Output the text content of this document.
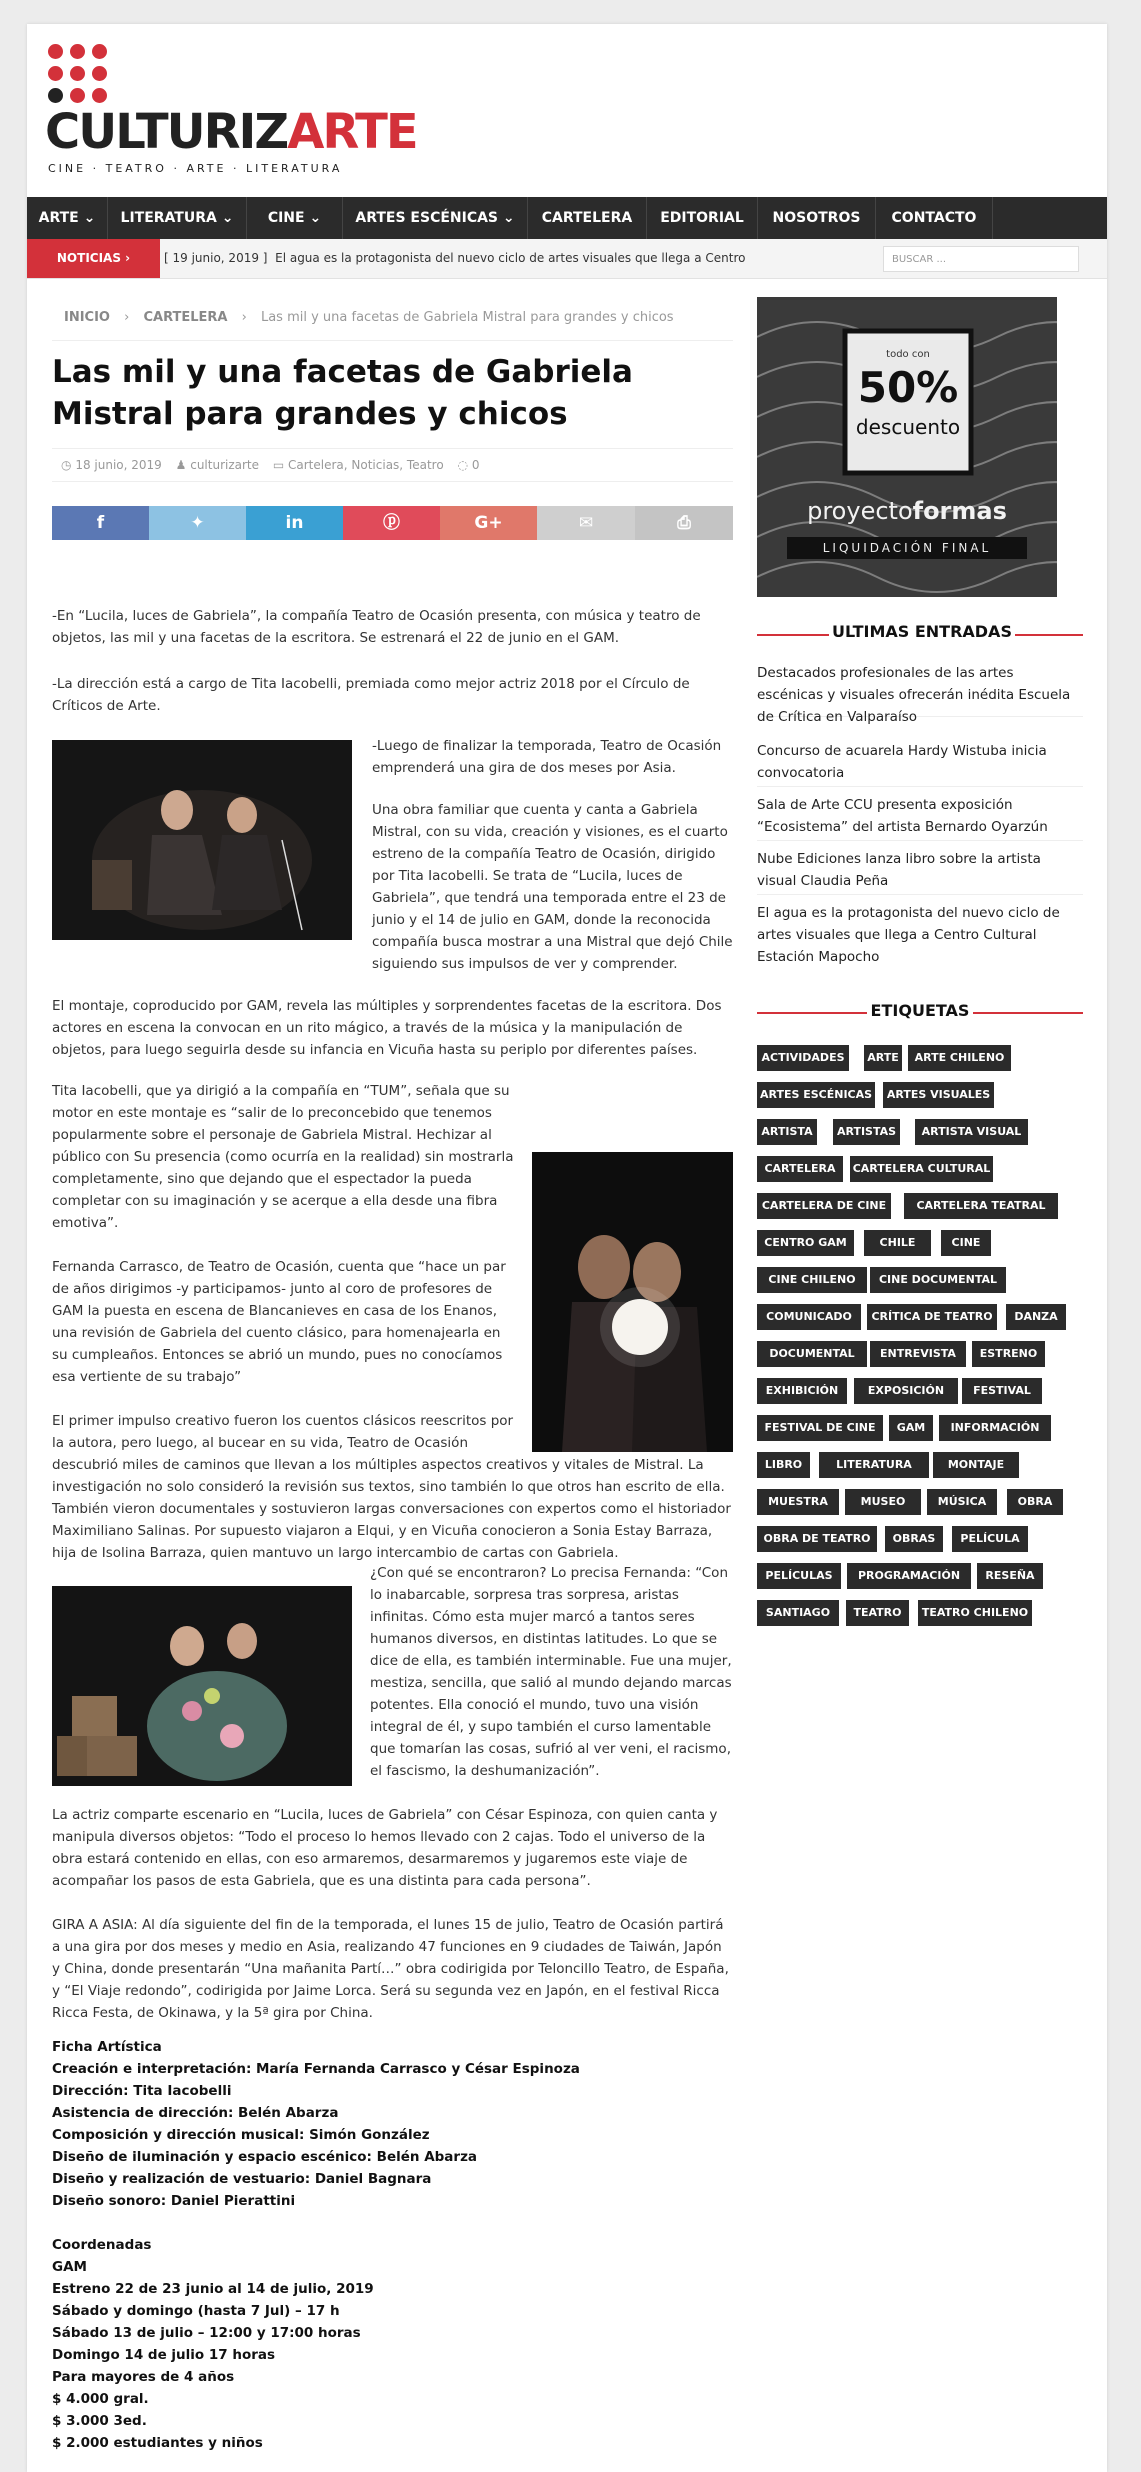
CULTURIZARTE
CINE · TEATRO · ARTE · LITERATURA
ARTE ⌄	LITERATURA ⌄	CINE ⌄	ARTES ESCÉNICAS ⌄	CARTELERA	EDITORIAL	NOSOTROS	CONTACTO
NOTICIAS ›	[ 19 junio, 2019 ] El agua es la protagonista del nuevo ciclo de artes visuales que llega a Centro	BUSCAR ...
INICIO › CARTELERA › Las mil y una facetas de Gabriela Mistral para grandes y chicos
Las mil y una facetas de Gabriela Mistral para grandes y chicos
◷ 18 junio, 2019 ♟ culturizarte ▭ Cartelera, Noticias, Teatro ◌ 0
f	✦	in	ⓟ	G+	✉	⎙
-En “Lucila, luces de Gabriela”, la compañía Teatro de Ocasión presenta, con música y teatro de objetos, las mil y una facetas de la escritora. Se estrenará el 22 de junio en el GAM.
-La dirección está a cargo de Tita Iacobelli, premiada como mejor actriz 2018 por el Círculo de Críticos de Arte.
-Luego de finalizar la temporada, Teatro de Ocasión emprenderá una gira de dos meses por Asia.
Una obra familiar que cuenta y canta a Gabriela Mistral, con su vida, creación y visiones, es el cuarto estreno de la compañía Teatro de Ocasión, dirigido por Tita Iacobelli. Se trata de “Lucila, luces de Gabriela”, que tendrá una temporada entre el 23 de junio y el 14 de julio en GAM, donde la reconocida compañía busca mostrar a una Mistral que dejó Chile siguiendo sus impulsos de ver y comprender.
El montaje, coproducido por GAM, revela las múltiples y sorprendentes facetas de la escritora. Dos actores en escena la convocan en un rito mágico, a través de la música y la manipulación de objetos, para luego seguirla desde su infancia en Vicuña hasta su periplo por diferentes países.
Tita Iacobelli, que ya dirigió a la compañía en “TUM”, señala que su motor en este montaje es “salir de lo preconcebido que tenemos popularmente sobre el personaje de Gabriela Mistral. Hechizar al público con Su presencia (como ocurría en la realidad) sin mostrarla completamente, sino que dejando que el espectador la pueda completar con su imaginación y se acerque a ella desde una fibra emotiva”.
Fernanda Carrasco, de Teatro de Ocasión, cuenta que “hace un par de años dirigimos -y participamos- junto al coro de profesores de GAM la puesta en escena de Blancanieves en casa de los Enanos, una revisión de Gabriela del cuento clásico, para homenajearla en su cumpleaños. Entonces se abrió un mundo, pues no conocíamos esa vertiente de su trabajo”
El primer impulso creativo fueron los cuentos clásicos reescritos por la autora, pero luego, al bucear en su vida, Teatro de Ocasión descubrió miles de caminos que llevan a los múltiples aspectos creativos y vitales de Mistral. La investigación no solo consideró la revisión sus textos, sino también lo que otros han escrito de ella. También vieron documentales y sostuvieron largas conversaciones con expertos como el historiador Maximiliano Salinas. Por supuesto viajaron a Elqui, y en Vicuña conocieron a Sonia Estay Barraza, hija de Isolina Barraza, quien mantuvo un largo intercambio de cartas con Gabriela.
¿Con qué se encontraron? Lo precisa Fernanda: “Con lo inabarcable, sorpresa tras sorpresa, aristas infinitas. Cómo esta mujer marcó a tantos seres humanos diversos, en distintas latitudes. Lo que se dice de ella, es también interminable. Fue una mujer, mestiza, sencilla, que salió al mundo dejando marcas potentes. Ella conoció el mundo, tuvo una visión integral de él, y supo también el curso lamentable que tomarían las cosas, sufrió al ver veni, el racismo, el fascismo, la deshumanización”.
La actriz comparte escenario en “Lucila, luces de Gabriela” con César Espinoza, con quien canta y manipula diversos objetos: “Todo el proceso lo hemos llevado con 2 cajas. Todo el universo de la obra estará contenido en ellas, con eso armaremos, desarmaremos y jugaremos este viaje de acompañar los pasos de esta Gabriela, que es una distinta para cada persona”.
GIRA A ASIA: Al día siguiente del fin de la temporada, el lunes 15 de julio, Teatro de Ocasión partirá a una gira por dos meses y medio en Asia, realizando 47 funciones en 9 ciudades de Taiwán, Japón y China, donde presentarán “Una mañanita Partí…” obra codirigida por Teloncillo Teatro, de España, y “El Viaje redondo”, codirigida por Jaime Lorca. Será su segunda vez en Japón, en el festival Ricca Ricca Festa, de Okinawa, y la 5ª gira por China.
Ficha Artística
Creación e interpretación: María Fernanda Carrasco y César Espinoza
Dirección: Tita Iacobelli
Asistencia de dirección: Belén Abarza
Composición y dirección musical: Simón González
Diseño de iluminación y espacio escénico: Belén Abarza
Diseño y realización de vestuario: Daniel Bagnara
Diseño sonoro: Daniel Pierattini
Coordenadas
GAM
Estreno 22 de 23 junio al 14 de julio, 2019
Sábado y domingo (hasta 7 Jul) – 17 h
Sábado 13 de julio – 12:00 y 17:00 horas
Domingo 14 de julio 17 horas
Para mayores de 4 años
$ 4.000 gral.
$ 3.000 3ed.
$ 2.000 estudiantes y niños
todo con
50%
descuento
proyectoformas
LIQUIDACIÓN FINAL
ULTIMAS ENTRADAS
Destacados profesionales de las artes escénicas y visuales ofrecerán inédita Escuela de Crítica en Valparaíso
Concurso de acuarela Hardy Wistuba inicia convocatoria
Sala de Arte CCU presenta exposición “Ecosistema” del artista Bernardo Oyarzún
Nube Ediciones lanza libro sobre la artista visual Claudia Peña
El agua es la protagonista del nuevo ciclo de artes visuales que llega a Centro Cultural Estación Mapocho
ETIQUETAS
ACTIVIDADES	ARTE	ARTE CHILENO
ARTES ESCÉNICAS	ARTES VISUALES
ARTISTA	ARTISTAS	ARTISTA VISUAL
CARTELERA	CARTELERA CULTURAL
CARTELERA DE CINE	CARTELERA TEATRAL
CENTRO GAM	CHILE	CINE
CINE CHILENO	CINE DOCUMENTAL
COMUNICADO	CRÍTICA DE TEATRO	DANZA
DOCUMENTAL	ENTREVISTA	ESTRENO
EXHIBICIÓN	EXPOSICIÓN	FESTIVAL
FESTIVAL DE CINE	GAM	INFORMACIÓN
LIBRO	LITERATURA	MONTAJE
MUESTRA	MUSEO	MÚSICA	OBRA
OBRA DE TEATRO	OBRAS	PELÍCULA
PELÍCULAS	PROGRAMACIÓN	RESEÑA
SANTIAGO	TEATRO	TEATRO CHILENO
